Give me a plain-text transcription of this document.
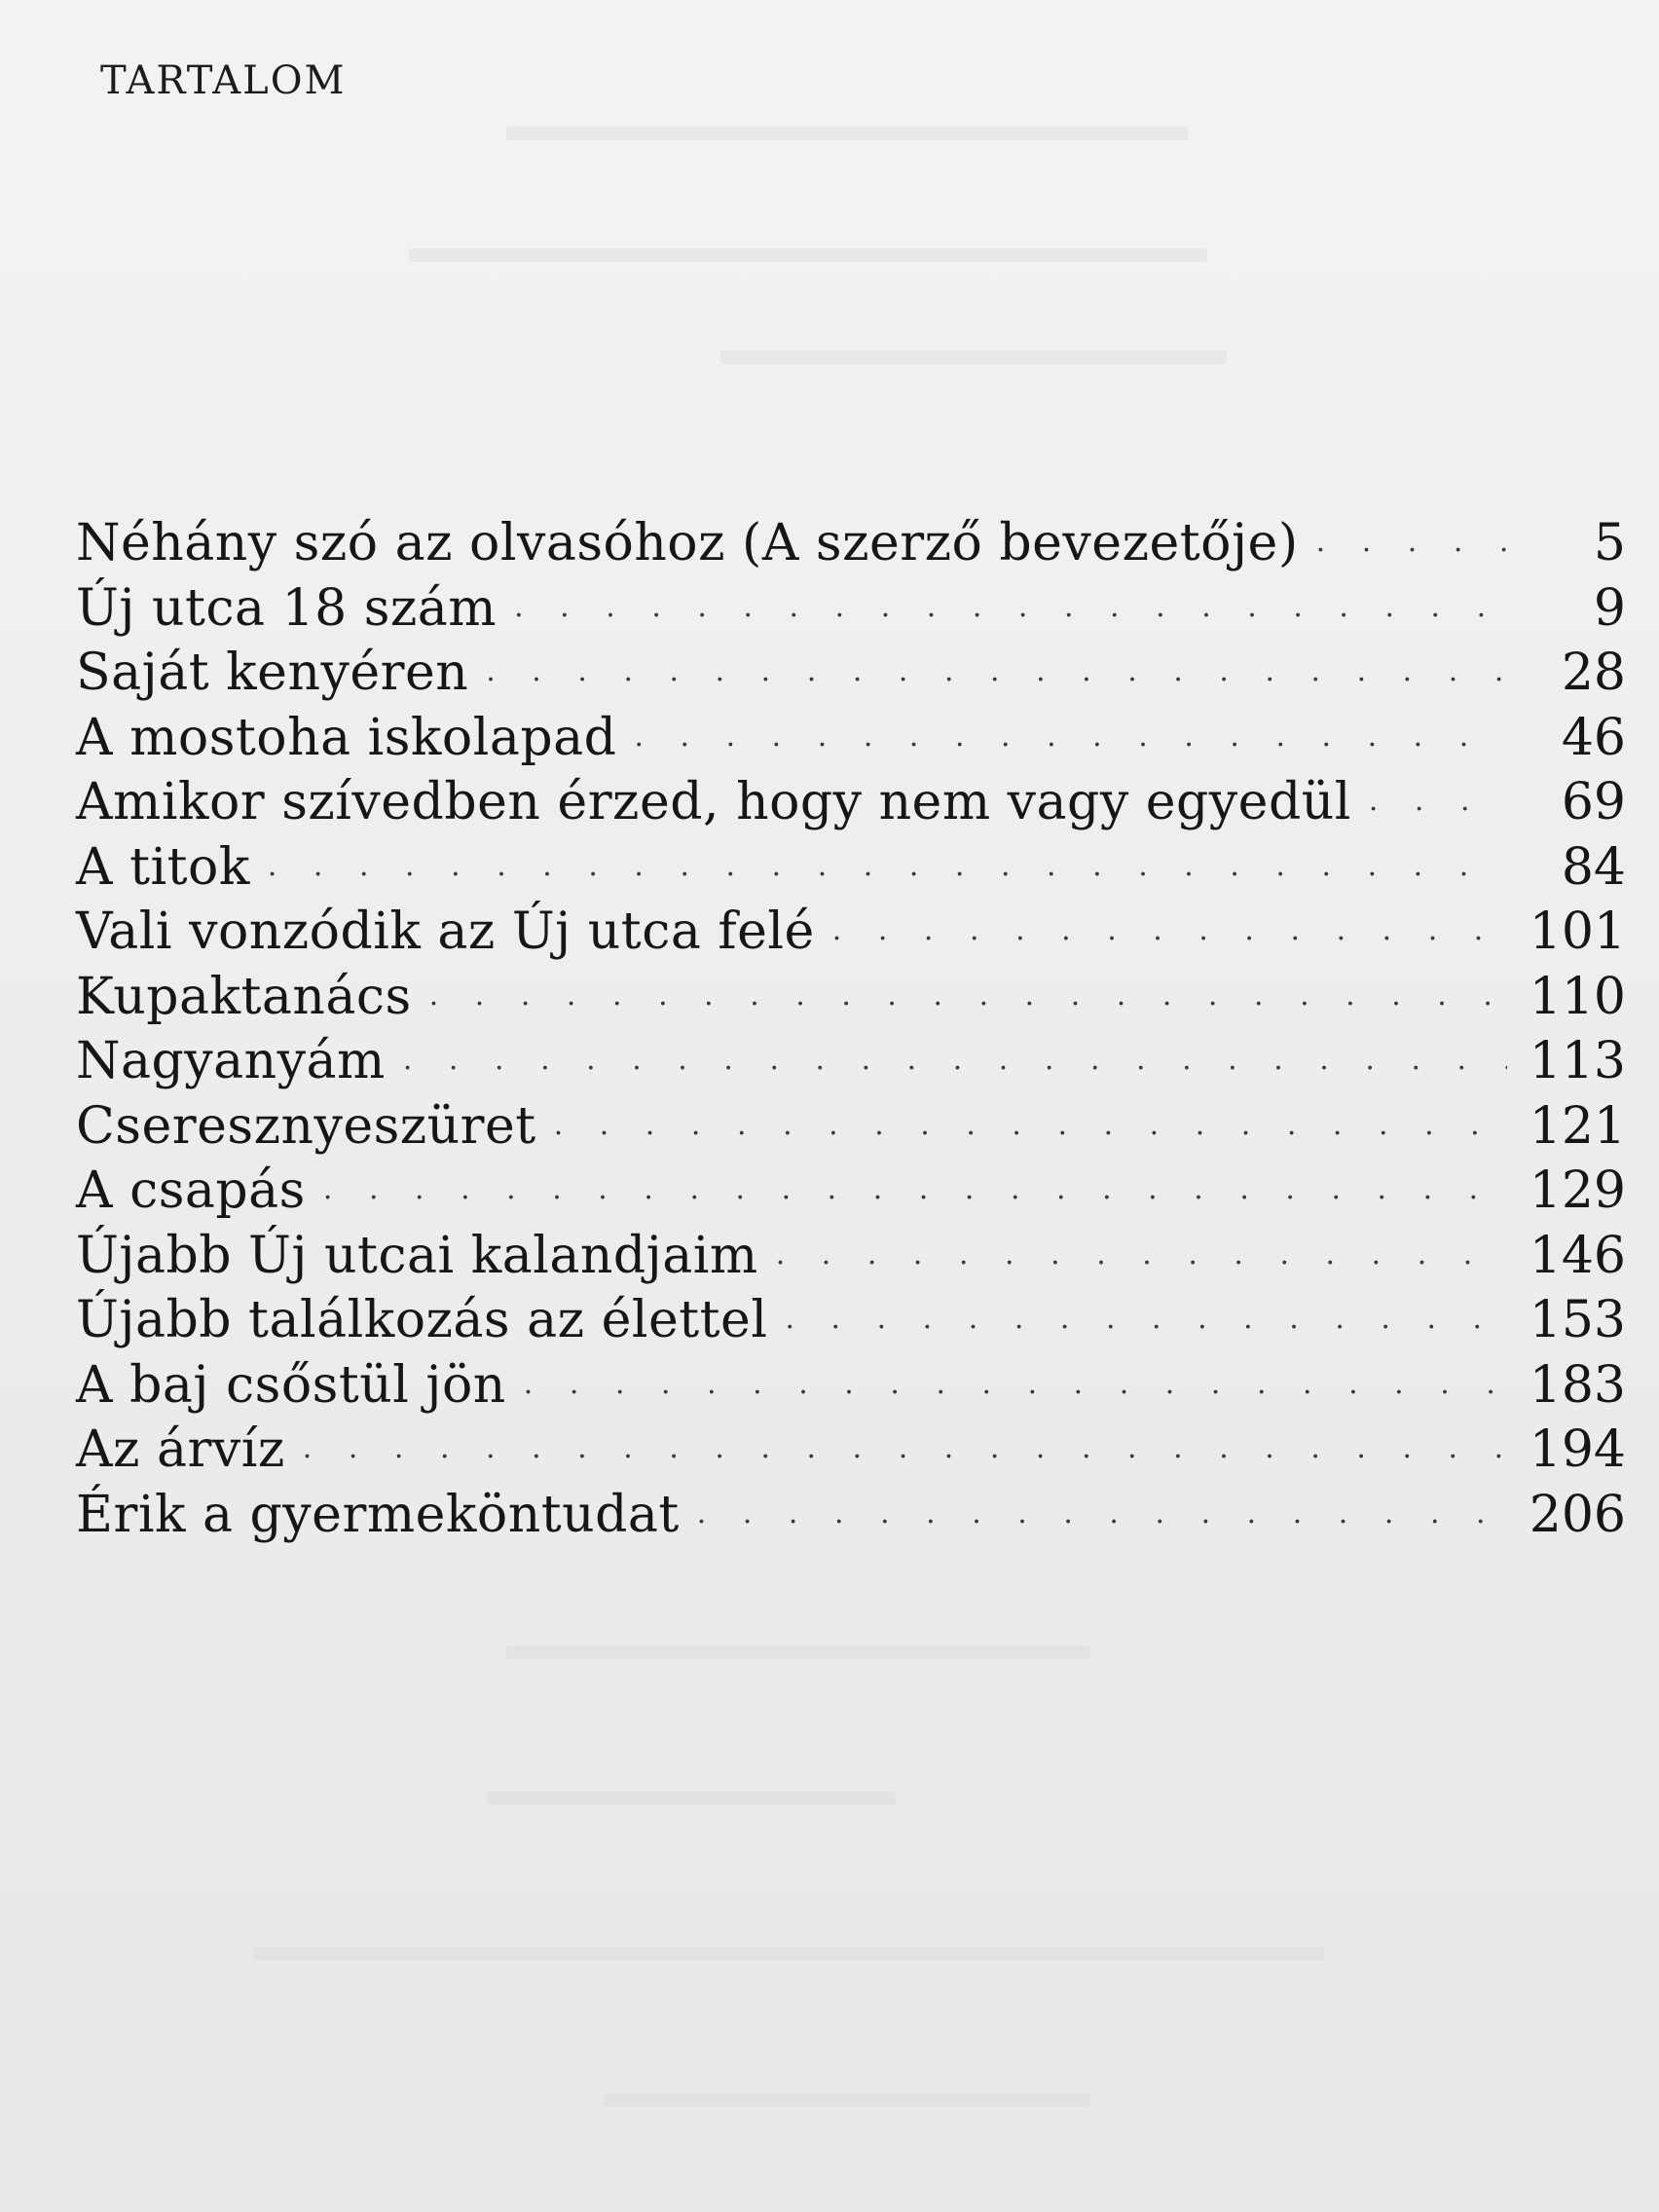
TARTALOM
Néhány szó az olvasóhoz (A szerző bevezetője) · · ·	5
Új utca 18 szám · · ·	9
Saját kenyéren · · ·	28
A mostoha iskolapad · · ·	46
Amikor szívedben érzed, hogy nem vagy egyedül · · ·	69
A titok · · ·	84
Vali vonzódik az Új utca felé · · ·	101
Kupaktanács · · ·	110
Nagyanyám · · ·	113
Cseresznyeszüret · · ·	121
A csapás · · ·	129
Újabb Új utcai kalandjaim · · ·	146
Újabb találkozás az élettel · · ·	153
A baj csőstül jön · · ·	183
Az árvíz · · ·	194
Érik a gyermeköntudat · · ·	206
